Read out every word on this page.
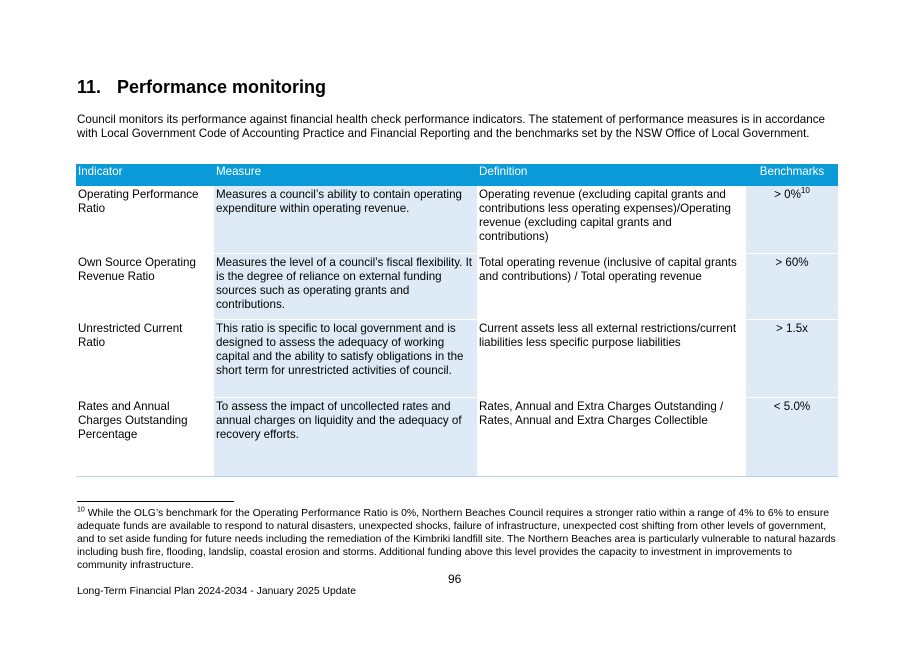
11. Performance monitoring

Council monitors its performance against financial health check performance indicators. The statement of performance measures is in accordance with Local Government Code of Accounting Practice and Financial Reporting and the benchmarks set by the NSW Office of Local Government.

Indicator	Measure	Definition	Benchmarks
Operating Performance Ratio	Measures a council’s ability to contain operating expenditure within operating revenue.	Operating revenue (excluding capital grants and contributions less operating expenses)/Operating revenue (excluding capital grants and contributions)	> 0%$^{10}$
Own Source Operating Revenue Ratio	Measures the level of a council’s fiscal flexibility. It is the degree of reliance on external funding sources such as operating grants and contributions.	Total operating revenue (inclusive of capital grants and contributions) / Total operating revenue	> 60%
Unrestricted Current Ratio	This ratio is specific to local government and is designed to assess the adequacy of working capital and the ability to satisfy obligations in the short term for unrestricted activities of council.	Current assets less all external restrictions/current liabilities less specific purpose liabilities	> 1.5x
Rates and Annual Charges Outstanding Percentage	To assess the impact of uncollected rates and annual charges on liquidity and the adequacy of recovery efforts.	Rates, Annual and Extra Charges Outstanding / Rates, Annual and Extra Charges Collectible	< 5.0%

$^{10}$ While the OLG’s benchmark for the Operating Performance Ratio is 0%, Northern Beaches Council requires a stronger ratio within a range of 4% to 6% to ensure adequate funds are available to respond to natural disasters, unexpected shocks, failure of infrastructure, unexpected cost shifting from other levels of government, and to set aside funding for future needs including the remediation of the Kimbriki landfill site. The Northern Beaches area is particularly vulnerable to natural hazards including bush fire, flooding, landslip, coastal erosion and storms. Additional funding above this level provides the capacity to investment in improvements to community infrastructure.

96
Long-Term Financial Plan 2024-2034 - January 2025 Update
